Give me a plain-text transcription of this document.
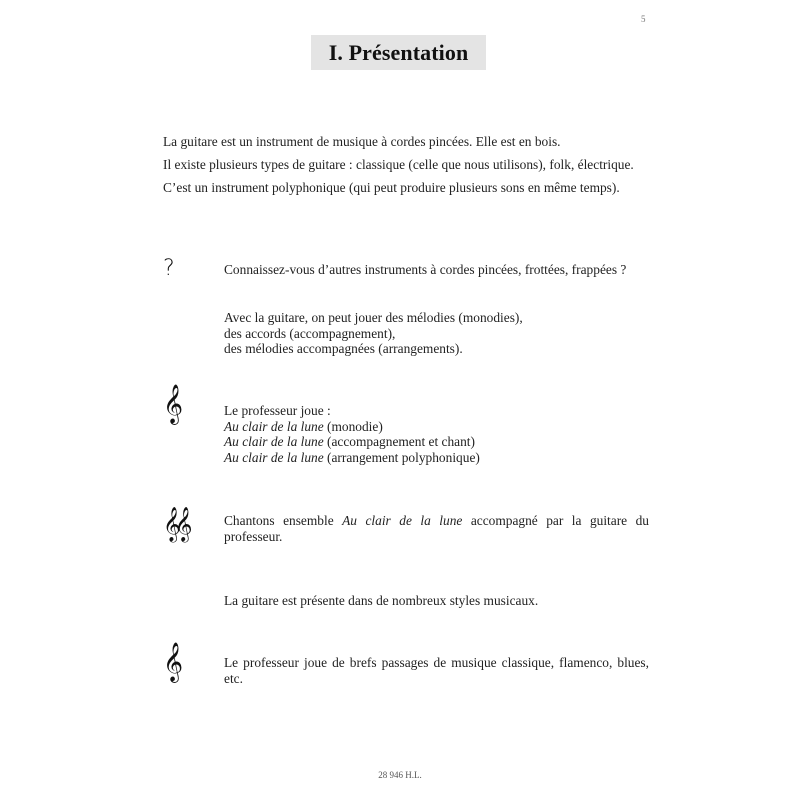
5
I. Présentation
La guitare est un instrument de musique à cordes pincées. Elle est en bois.
Il existe plusieurs types de guitare : classique (celle que nous utilisons), folk, électrique.
C’est un instrument polyphonique (qui peut produire plusieurs sons en même temps).
?	Connaissez-vous d’autres instruments à cordes pincées, frottées, frappées ?
Avec la guitare, on peut jouer des mélodies (monodies),
des accords (accompagnement),
des mélodies accompagnées (arrangements).
𝄞	Le professeur joue :
Au clair de la lune (monodie)
Au clair de la lune (accompagnement et chant)
Au clair de la lune (arrangement polyphonique)
𝄞𝄞	Chantons ensemble Au clair de la lune accompagné par la guitare du professeur.
La guitare est présente dans de nombreux styles musicaux.
𝄞	Le professeur joue de brefs passages de musique classique, flamenco, blues, etc.
28 946 H.L.
